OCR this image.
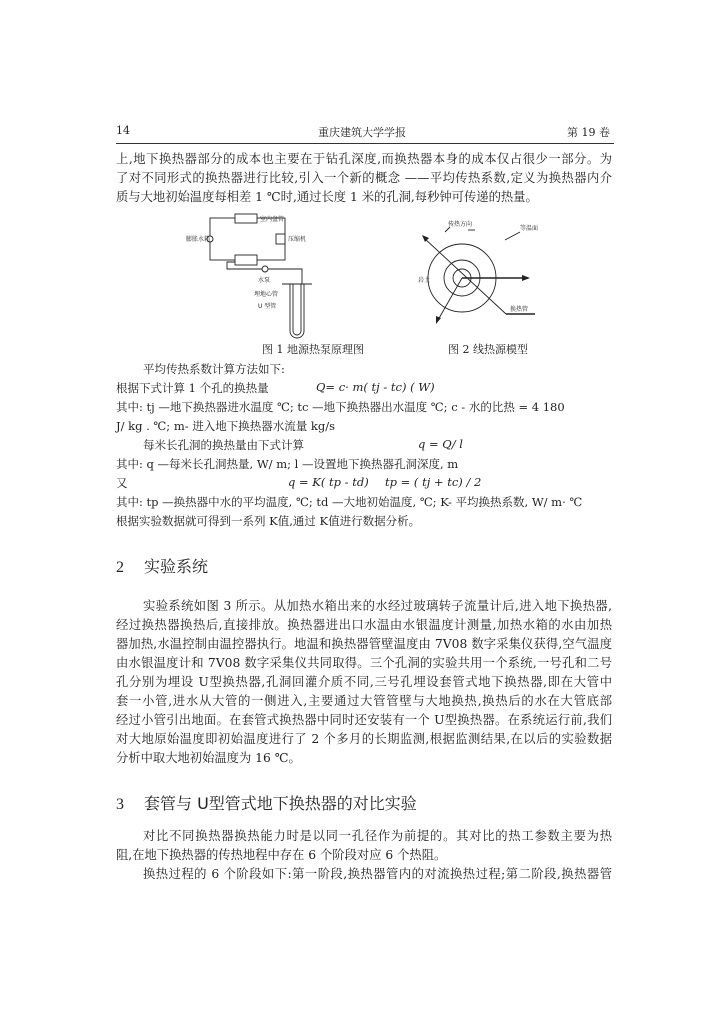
14	重庆建筑大学学报	第 19 卷
上,地下换热器部分的成本也主要在于钻孔深度,而换热器本身的成本仅占很少一部分。为
了对不同形式的换热器进行比较,引入一个新的概念 ——平均传热系数,定义为换热器内介
质与大地初始温度每相差 1 ℃时,通过长度 1 米的孔洞,每秒钟可传递的热量。
室内盘管
膨胀水箱	压缩机
水泵
埋地心管
U 型管
图 1 地源热泵原理图
传热方向
等温面
岩土
换热管
图 2 线热源模型
平均传热系数计算方法如下:
根据下式计算 1 个孔的换热量	Q= c· m( tj - tc) ( W)
其中: tj —地下换热器进水温度 ℃; tc —地下换热器出水温度 ℃; c - 水的比热 = 4 180
J/ kg . ℃; m- 进入地下换热器水流量 kg/s
每米长孔洞的换热量由下式计算	q = Q/ l
其中: q —每米长孔洞热量, W/ m; l —设置地下换热器孔洞深度, m
又	q = K( tp - td) tp = ( tj + tc) / 2
其中: tp —换热器中水的平均温度, ℃; td —大地初始温度, ℃; K- 平均换热系数, W/ m· ℃
根据实验数据就可得到一系列 K值,通过 K值进行数据分析。
2 实验系统
实验系统如图 3 所示。从加热水箱出来的水经过玻璃转子流量计后,进入地下换热器,
经过换热器换热后,直接排放。换热器进出口水温由水银温度计测量,加热水箱的水由加热
器加热,水温控制由温控器执行。地温和换热器管壁温度由 7V08 数字采集仪获得,空气温度
由水银温度计和 7V08 数字采集仪共同取得。三个孔洞的实验共用一个系统,一号孔和二号
孔分别为埋设 U型换热器,孔洞回灌介质不同,三号孔埋设套管式地下换热器,即在大管中
套一小管,进水从大管的一侧进入,主要通过大管管壁与大地换热,换热后的水在大管底部
经过小管引出地面。在套管式换热器中同时还安装有一个 U型换热器。在系统运行前,我们
对大地原始温度即初始温度进行了 2 个多月的长期监测,根据监测结果,在以后的实验数据
分析中取大地初始温度为 16 ℃。
3 套管与 U型管式地下换热器的对比实验
对比不同换热器换热能力时是以同一孔径作为前提的。其对比的热工参数主要为热
阻,在地下换热器的传热地程中存在 6 个阶段对应 6 个热阻。
换热过程的 6 个阶段如下:第一阶段,换热器管内的对流换热过程;第二阶段,换热器管
